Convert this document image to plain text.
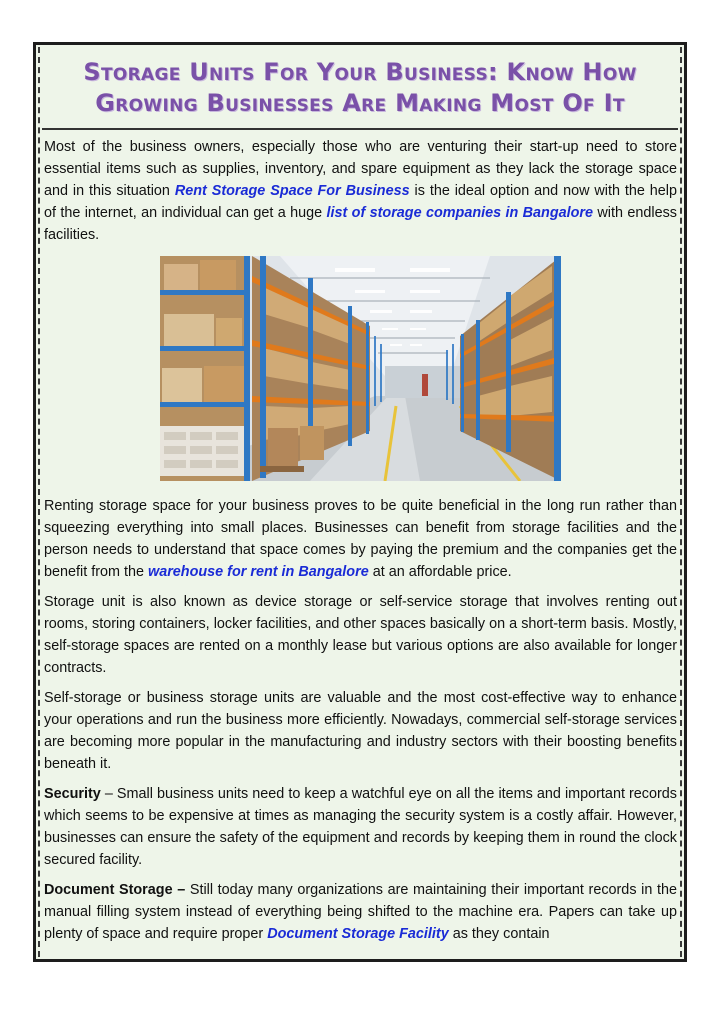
Storage Units For Your Business: Know How Growing Businesses Are Making Most Of It

Most of the business owners, especially those who are venturing their start-up need to store essential items such as supplies, inventory, and spare equipment as they lack the storage space and in this situation Rent Storage Space For Business is the ideal option and now with the help of the internet, an individual can get a huge list of storage companies in Bangalore with endless facilities.

Renting storage space for your business proves to be quite beneficial in the long run rather than squeezing everything into small places. Businesses can benefit from storage facilities and the person needs to understand that space comes by paying the premium and the companies get the benefit from the warehouse for rent in Bangalore at an affordable price.

Storage unit is also known as device storage or self-service storage that involves renting out rooms, storing containers, locker facilities, and other spaces basically on a short-term basis. Mostly, self-storage spaces are rented on a monthly lease but various options are also available for longer contracts.

Self-storage or business storage units are valuable and the most cost-effective way to enhance your operations and run the business more efficiently. Nowadays, commercial self-storage services are becoming more popular in the manufacturing and industry sectors with their boosting benefits beneath it.

Security – Small business units need to keep a watchful eye on all the items and important records which seems to be expensive at times as managing the security system is a costly affair. However, businesses can ensure the safety of the equipment and records by keeping them in round the clock secured facility.

Document Storage – Still today many organizations are maintaining their important records in the manual filling system instead of everything being shifted to the machine era. Papers can take up plenty of space and require proper Document Storage Facility as they contain
